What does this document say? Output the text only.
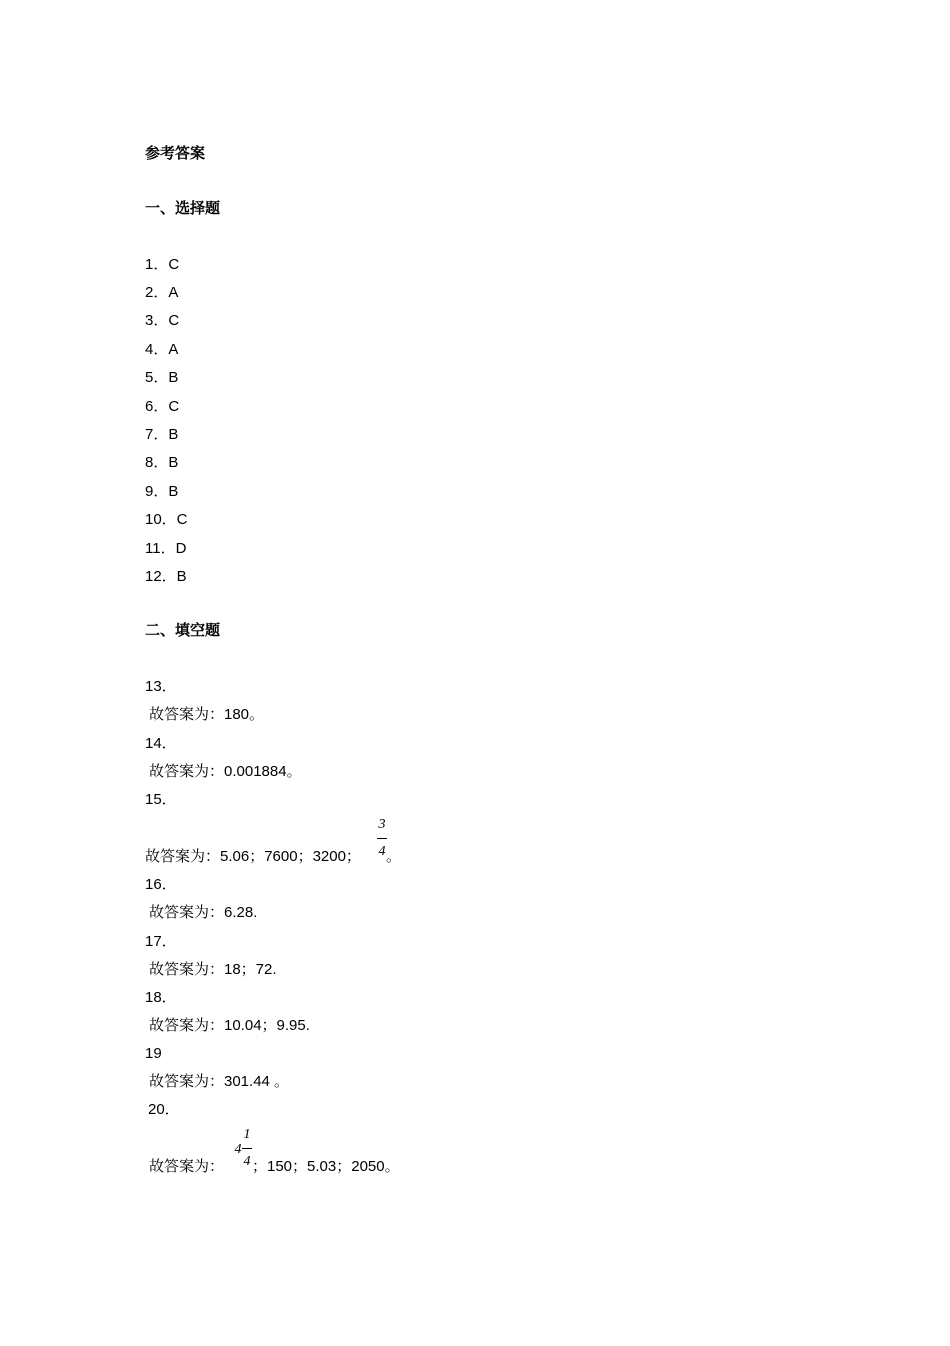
参考答案
一、选择题
1．C
2．A
3．C
4．A
5．B
6．C
7．B
8．B
9．B
10．C
11．D
12．B
二、填空题
13．
故答案为：180。
14．
故答案为：0.001884。
15．
故答案为：5.06；7600；3200；
3
4 。
16．
故答案为：6.28.
17．
故答案为：18；72.
18．
故答案为：10.04；9.95.
19
故答案为：301.44 。
20．
故答案为：
4
1
4 ；150；5.03；2050。
